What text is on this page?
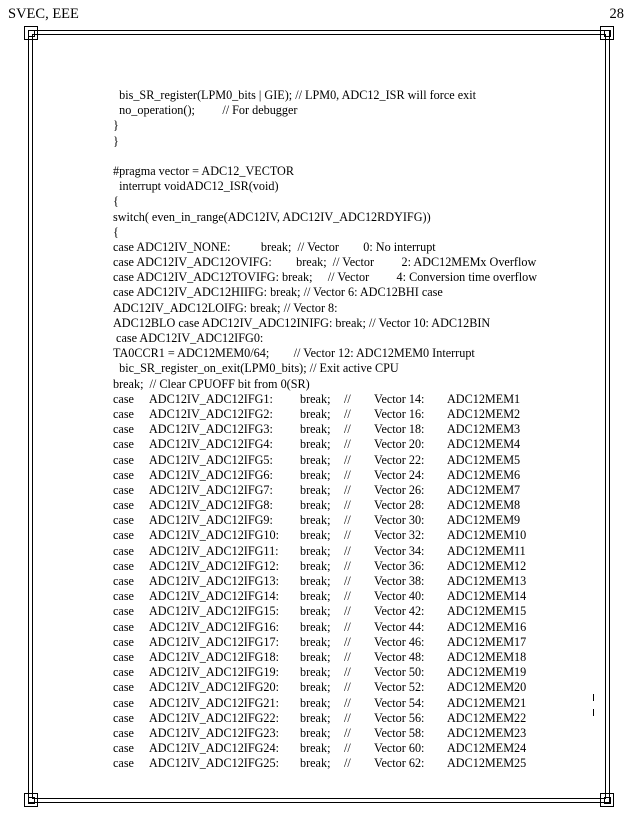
SVEC, EEE	28
bis_SR_register(LPM0_bits | GIE); // LPM0, ADC12_ISR will force exit
no_operation();         // For debugger
}
}
#pragma vector = ADC12_VECTOR
interrupt voidADC12_ISR(void)
{
switch( even_in_range(ADC12IV, ADC12IV_ADC12RDYIFG))
{
case ADC12IV_NONE:          break;  // Vector        0: No interrupt
case ADC12IV_ADC12OVIFG:        break;  // Vector         2: ADC12MEMx Overflow
case ADC12IV_ADC12TOVIFG: break;     // Vector         4: Conversion time overflow
case ADC12IV_ADC12HIIFG: break; // Vector 6: ADC12BHI case
ADC12IV_ADC12LOIFG: break; // Vector 8:
ADC12BLO case ADC12IV_ADC12INIFG: break; // Vector 10: ADC12BIN
case ADC12IV_ADC12IFG0:
TA0CCR1 = ADC12MEM0/64;        // Vector 12: ADC12MEM0 Interrupt
bic_SR_register_on_exit(LPM0_bits); // Exit active CPU
break;  // Clear CPUOFF bit from 0(SR)
case	ADC12IV_ADC12IFG1:	break;	//	Vector 14:	ADC12MEM1
case	ADC12IV_ADC12IFG2:	break;	//	Vector 16:	ADC12MEM2
case	ADC12IV_ADC12IFG3:	break;	//	Vector 18:	ADC12MEM3
case	ADC12IV_ADC12IFG4:	break;	//	Vector 20:	ADC12MEM4
case	ADC12IV_ADC12IFG5:	break;	//	Vector 22:	ADC12MEM5
case	ADC12IV_ADC12IFG6:	break;	//	Vector 24:	ADC12MEM6
case	ADC12IV_ADC12IFG7:	break;	//	Vector 26:	ADC12MEM7
case	ADC12IV_ADC12IFG8:	break;	//	Vector 28:	ADC12MEM8
case	ADC12IV_ADC12IFG9:	break;	//	Vector 30:	ADC12MEM9
case	ADC12IV_ADC12IFG10:	break;	//	Vector 32:	ADC12MEM10
case	ADC12IV_ADC12IFG11:	break;	//	Vector 34:	ADC12MEM11
case	ADC12IV_ADC12IFG12:	break;	//	Vector 36:	ADC12MEM12
case	ADC12IV_ADC12IFG13:	break;	//	Vector 38:	ADC12MEM13
case	ADC12IV_ADC12IFG14:	break;	//	Vector 40:	ADC12MEM14
case	ADC12IV_ADC12IFG15:	break;	//	Vector 42:	ADC12MEM15
case	ADC12IV_ADC12IFG16:	break;	//	Vector 44:	ADC12MEM16
case	ADC12IV_ADC12IFG17:	break;	//	Vector 46:	ADC12MEM17
case	ADC12IV_ADC12IFG18:	break;	//	Vector 48:	ADC12MEM18
case	ADC12IV_ADC12IFG19:	break;	//	Vector 50:	ADC12MEM19
case	ADC12IV_ADC12IFG20:	break;	//	Vector 52:	ADC12MEM20
case	ADC12IV_ADC12IFG21:	break;	//	Vector 54:	ADC12MEM21
case	ADC12IV_ADC12IFG22:	break;	//	Vector 56:	ADC12MEM22
case	ADC12IV_ADC12IFG23:	break;	//	Vector 58:	ADC12MEM23
case	ADC12IV_ADC12IFG24:	break;	//	Vector 60:	ADC12MEM24
case	ADC12IV_ADC12IFG25:	break;	//	Vector 62:	ADC12MEM25
